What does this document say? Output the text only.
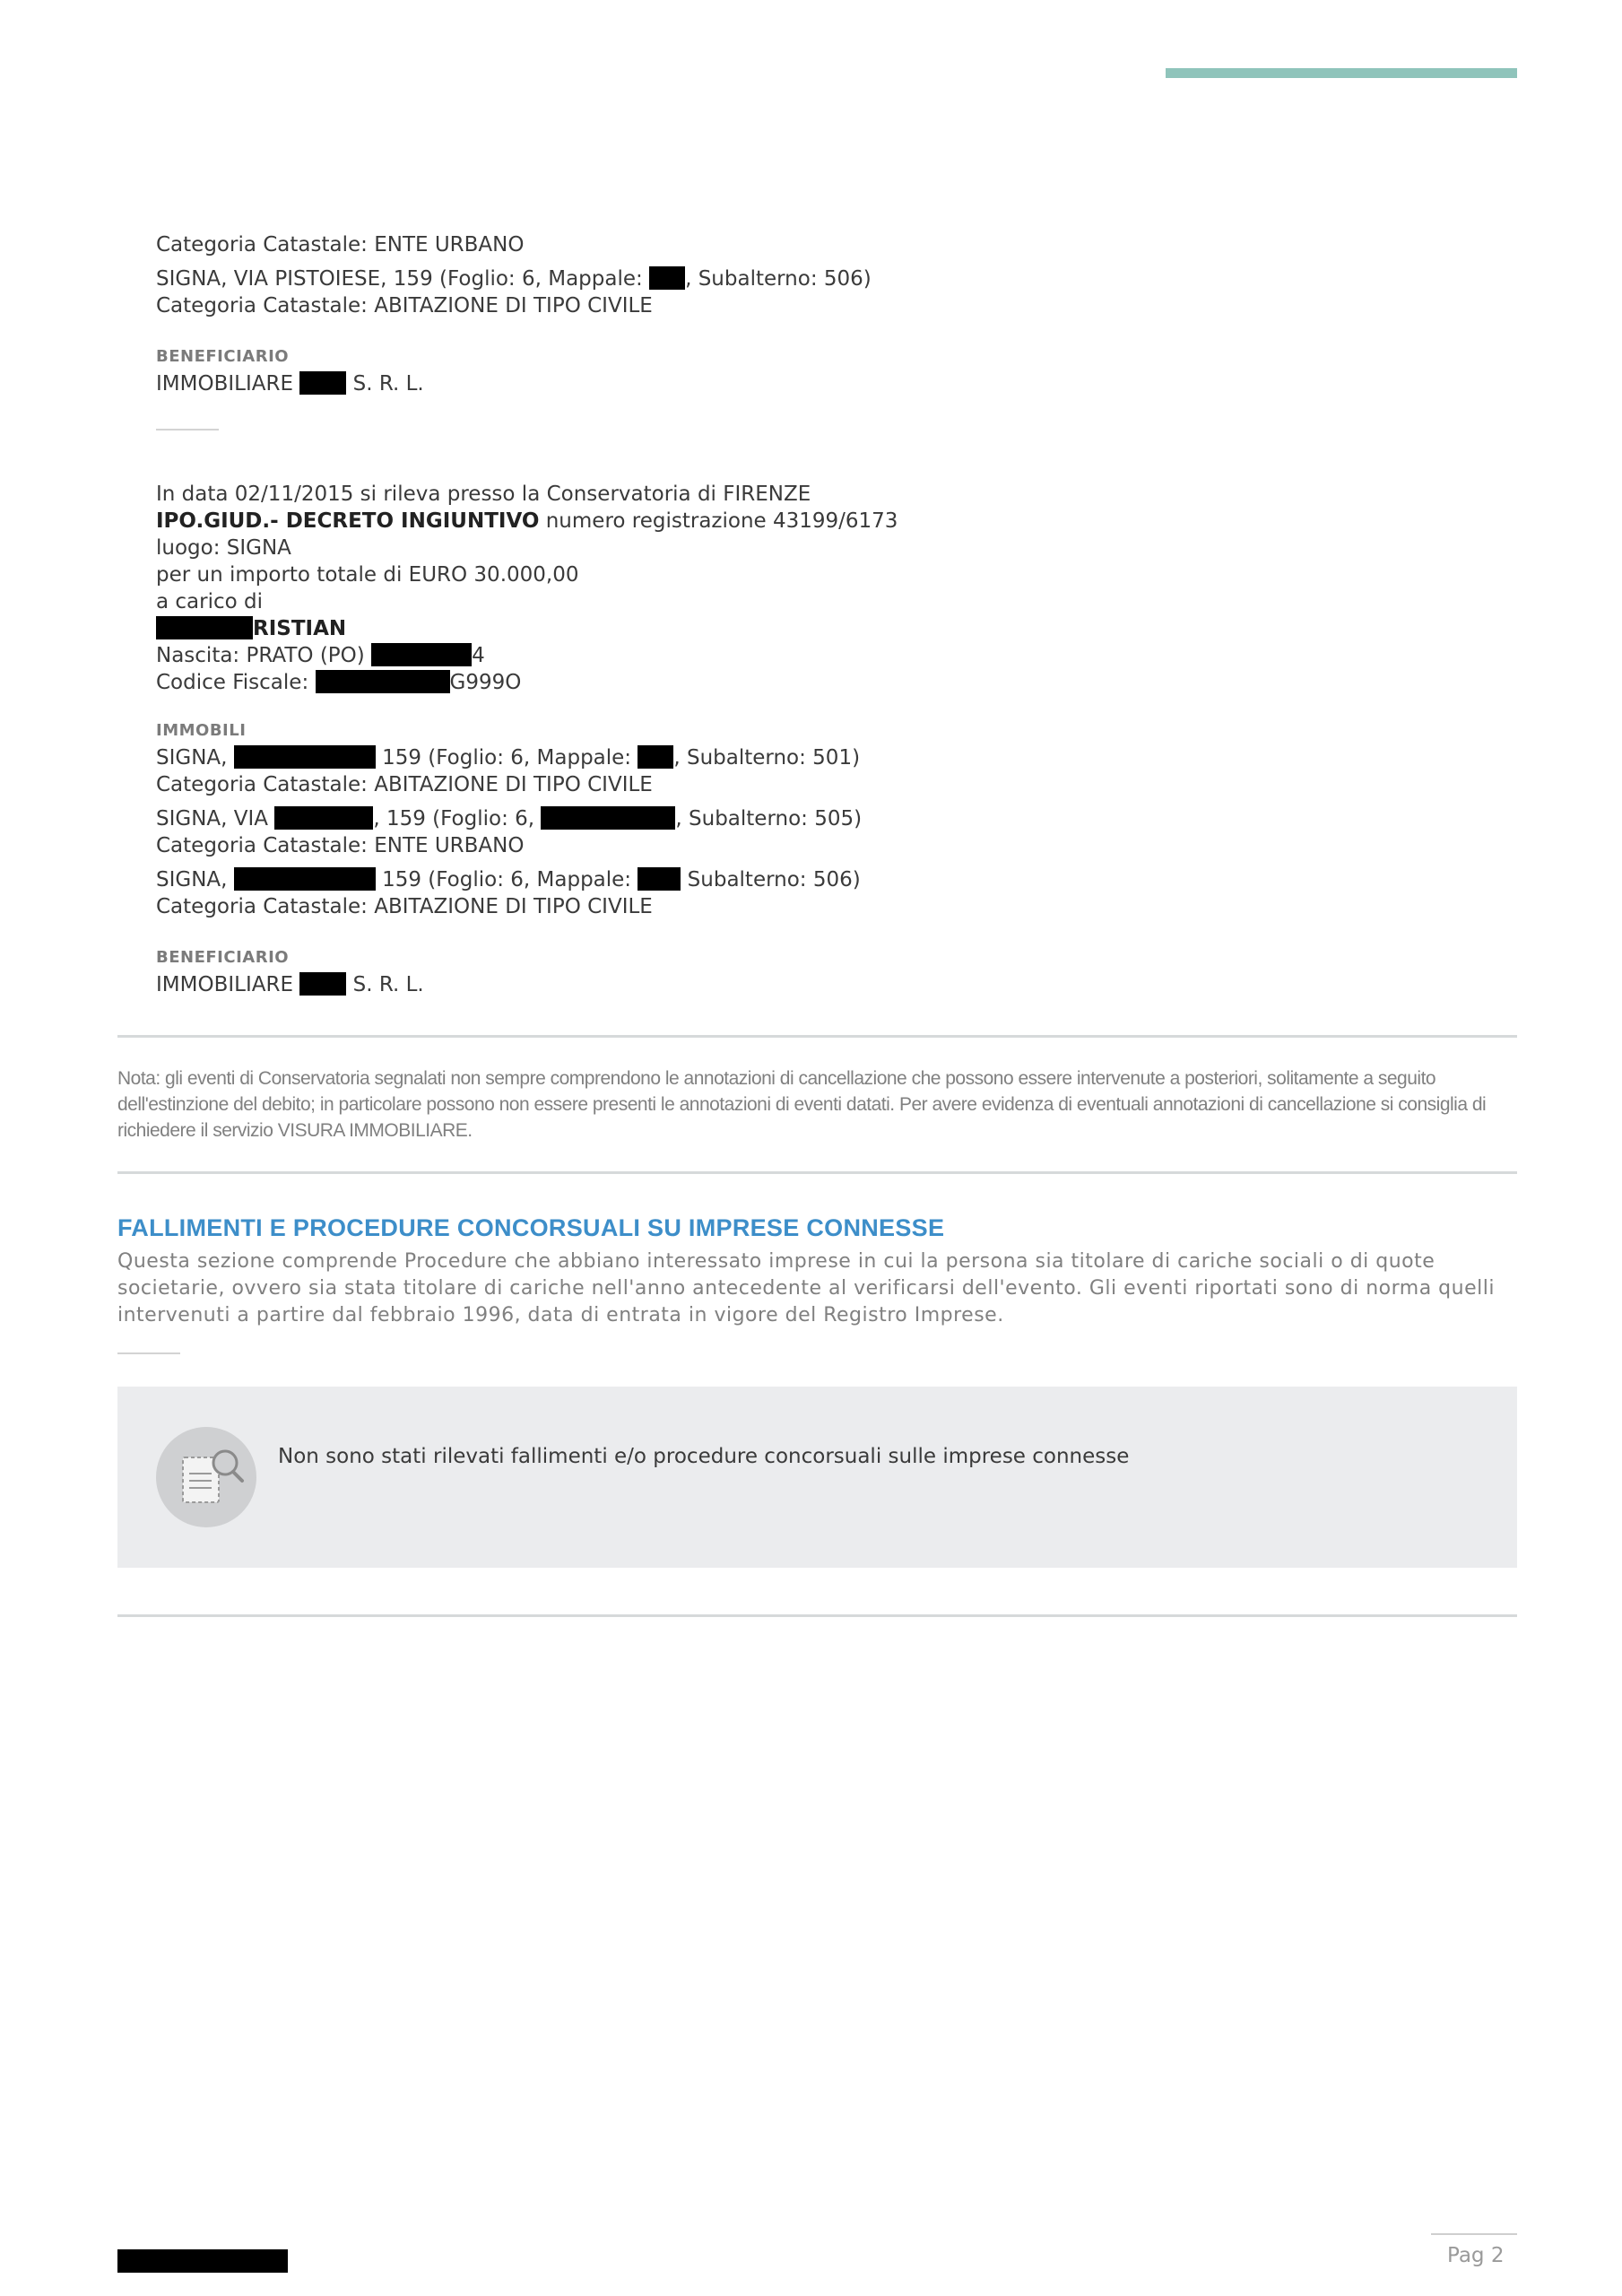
Categoria Catastale: ENTE URBANO
SIGNA, VIA PISTOIESE, 159 (Foglio: 6, Mappale: , Subalterno: 506)
Categoria Catastale: ABITAZIONE DI TIPO CIVILE
BENEFICIARIO
IMMOBILIARE  S. R. L.
In data 02/11/2015 si rileva presso la Conservatoria di FIRENZE
IPO.GIUD.- DECRETO INGIUNTIVO numero registrazione 43199/6173
luogo: SIGNA
per un importo totale di EURO 30.000,00
a carico di
RISTIAN
Nascita: PRATO (PO)	4
Codice Fiscale:	G999O
IMMOBILI
SIGNA,	159 (Foglio: 6, Mappale: , Subalterno: 501)
Categoria Catastale: ABITAZIONE DI TIPO CIVILE
SIGNA, VIA	, 159 (Foglio: 6,	, Subalterno: 505)
Categoria Catastale: ENTE URBANO
SIGNA,	159 (Foglio: 6, Mappale:  Subalterno: 506)
Categoria Catastale: ABITAZIONE DI TIPO CIVILE
BENEFICIARIO
IMMOBILIARE  S. R. L.
Nota: gli eventi di Conservatoria segnalati non sempre comprendono le annotazioni di cancellazione che possono essere intervenute a posteriori, solitamente a seguito dell'estinzione del debito; in particolare possono non essere presenti le annotazioni di eventi datati. Per avere evidenza di eventuali annotazioni di cancellazione si consiglia di richiedere il servizio VISURA IMMOBILIARE.
FALLIMENTI E PROCEDURE CONCORSUALI SU IMPRESE CONNESSE
Questa sezione comprende Procedure che abbiano interessato imprese in cui la persona sia titolare di cariche sociali o di quote societarie, ovvero sia stata titolare di cariche nell'anno antecedente al verificarsi dell'evento. Gli eventi riportati sono di norma quelli intervenuti a partire dal febbraio 1996, data di entrata in vigore del Registro Imprese.
Non sono stati rilevati fallimenti e/o procedure concorsuali sulle imprese connesse
Pag 2
